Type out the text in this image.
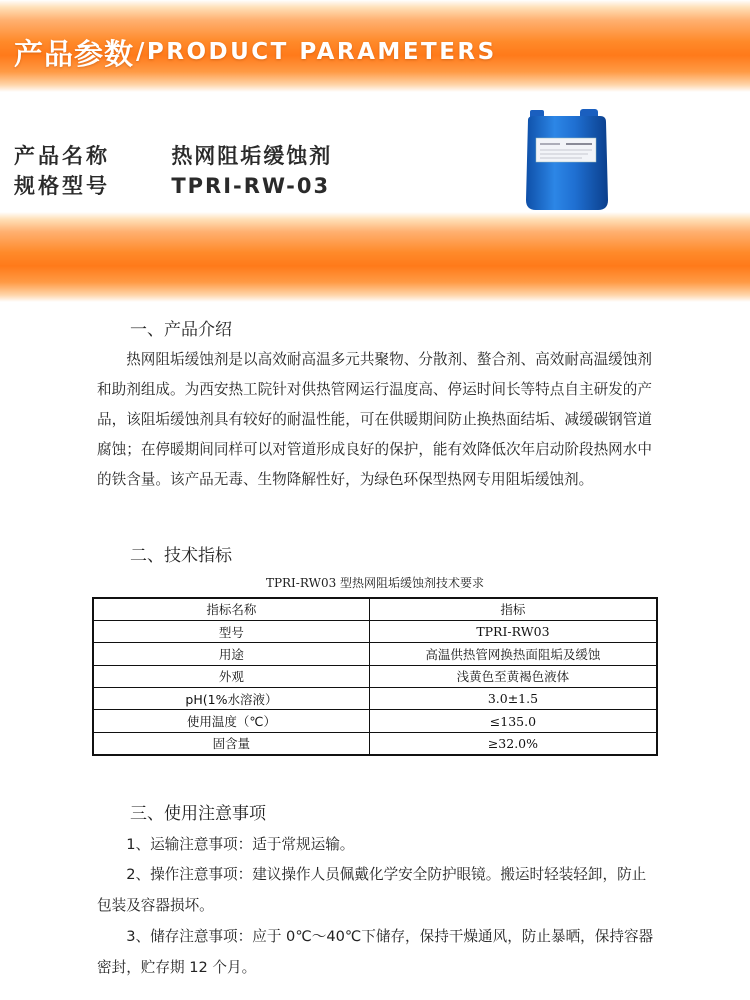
产品参数 /PRODUCT PARAMETERS
产品名称	热网阻垢缓蚀剂
规格型号	TPRI-RW-03
一、产品介绍

热网阻垢缓蚀剂是以高效耐高温多元共聚物、分散剂、螯合剂、高效耐高温缓蚀剂和助剂组成。为西安热工院针对供热管网运行温度高、停运时间长等特点自主研发的产品，该阻垢缓蚀剂具有较好的耐温性能，可在供暖期间防止换热面结垢、减缓碳钢管道腐蚀；在停暖期间同样可以对管道形成良好的保护，能有效降低次年启动阶段热网水中的铁含量。该产品无毒、生物降解性好，为绿色环保型热网专用阻垢缓蚀剂。

二、技术指标
TPRI-RW03 型热网阻垢缓蚀剂技术要求
指标名称	指标
型号	TPRI-RW03
用途	高温供热管网换热面阻垢及缓蚀
外观	浅黄色至黄褐色液体
pH(1%水溶液）	3.0±1.5
使用温度（℃）	≤135.0
固含量	≥32.0%
三、使用注意事项

1、运输注意事项：适于常规运输。

2、操作注意事项：建议操作人员佩戴化学安全防护眼镜。搬运时轻装轻卸，防止包装及容器损坏。

3、储存注意事项：应于 0℃～40℃下储存，保持干燥通风，防止暴晒，保持容器密封，贮存期 12 个月。
